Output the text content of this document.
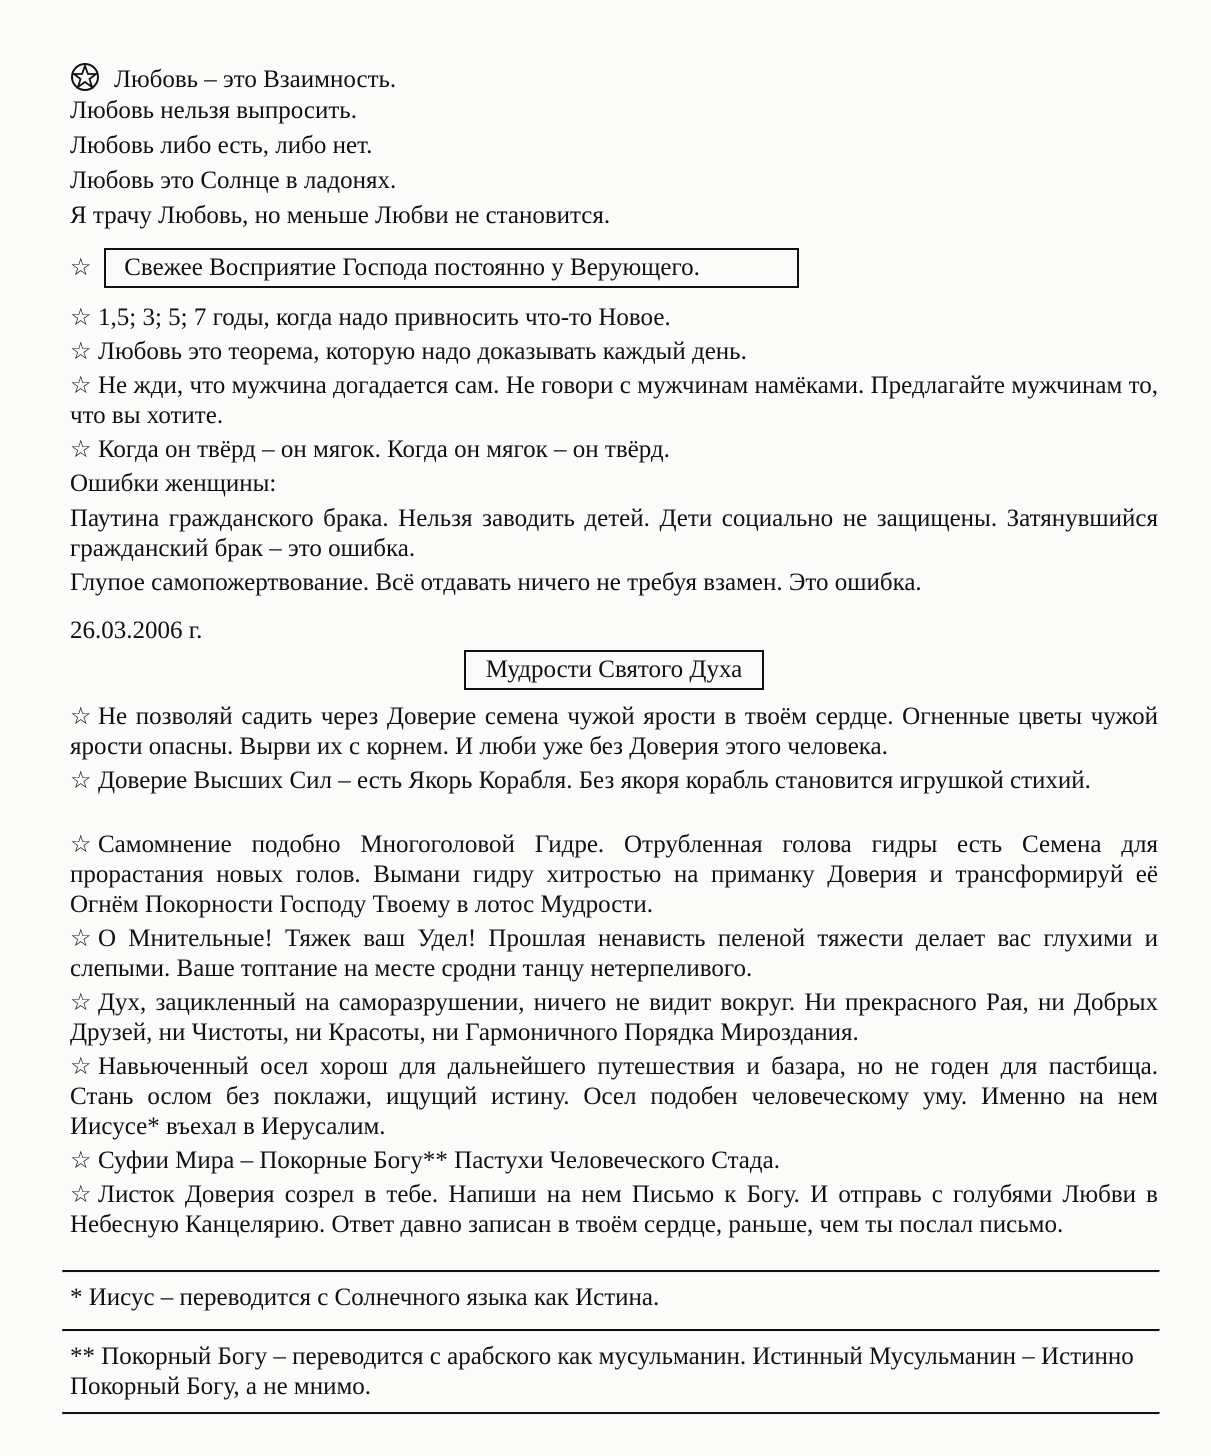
Любовь – это Взаимность.

Любовь нельзя выпросить.

Любовь либо есть, либо нет.

Любовь это Солнце в ладонях.

Я трачу Любовь, но меньше Любви не становится.

☆ Свежее Восприятие Господа постоянно у Верующего.

☆ 1,5; 3; 5; 7 годы, когда надо привносить что-то Новое.

☆ Любовь это теорема, которую надо доказывать каждый день.

☆ Не жди, что мужчина догадается сам. Не говори с мужчинам намёками. Предлагайте мужчинам то, что вы хотите.

☆ Когда он твёрд – он мягок. Когда он мягок – он твёрд.

Ошибки женщины:

Паутина гражданского брака. Нельзя заводить детей. Дети социально не защищены. Затянувшийся гражданский брак – это ошибка.

Глупое самопожертвование. Всё отдавать ничего не требуя взамен. Это ошибка.

26.03.2006 г.

Мудрости Святого Духа

☆ Не позволяй садить через Доверие семена чужой ярости в твоём сердце. Огненные цветы чужой ярости опасны. Вырви их с корнем. И люби уже без Доверия этого человека.

☆ Доверие Высших Сил – есть Якорь Корабля. Без якоря корабль становится игрушкой стихий.

☆ Самомнение подобно Многоголовой Гидре. Отрубленная голова гидры есть Семена для прорастания новых голов. Вымани гидру хитростью на приманку Доверия и трансформируй её Огнём Покорности Господу Твоему в лотос Мудрости.

☆ О Мнительные! Тяжек ваш Удел! Прошлая ненависть пеленой тяжести делает вас глухими и слепыми. Ваше топтание на месте сродни танцу нетерпеливого.

☆ Дух, зацикленный на саморазрушении, ничего не видит вокруг. Ни прекрасного Рая, ни Добрых Друзей, ни Чистоты, ни Красоты, ни Гармоничного Порядка Мироздания.

☆ Навьюченный осел хорош для дальнейшего путешествия и базара, но не годен для пастбища. Стань ослом без поклажи, ищущий истину. Осел подобен человеческому уму. Именно на нем Иисусе* въехал в Иерусалим.

☆ Суфии Мира – Покорные Богу** Пастухи Человеческого Стада.

☆ Листок Доверия созрел в тебе. Напиши на нем Письмо к Богу. И отправь с голубями Любви в Небесную Канцелярию. Ответ давно записан в твоём сердце, раньше, чем ты послал письмо.

* Иисус – переводится с Солнечного языка как Истина.

** Покорный Богу – переводится с арабского как мусульманин. Истинный Мусульманин – Истинно Покорный Богу, а не мнимо.
